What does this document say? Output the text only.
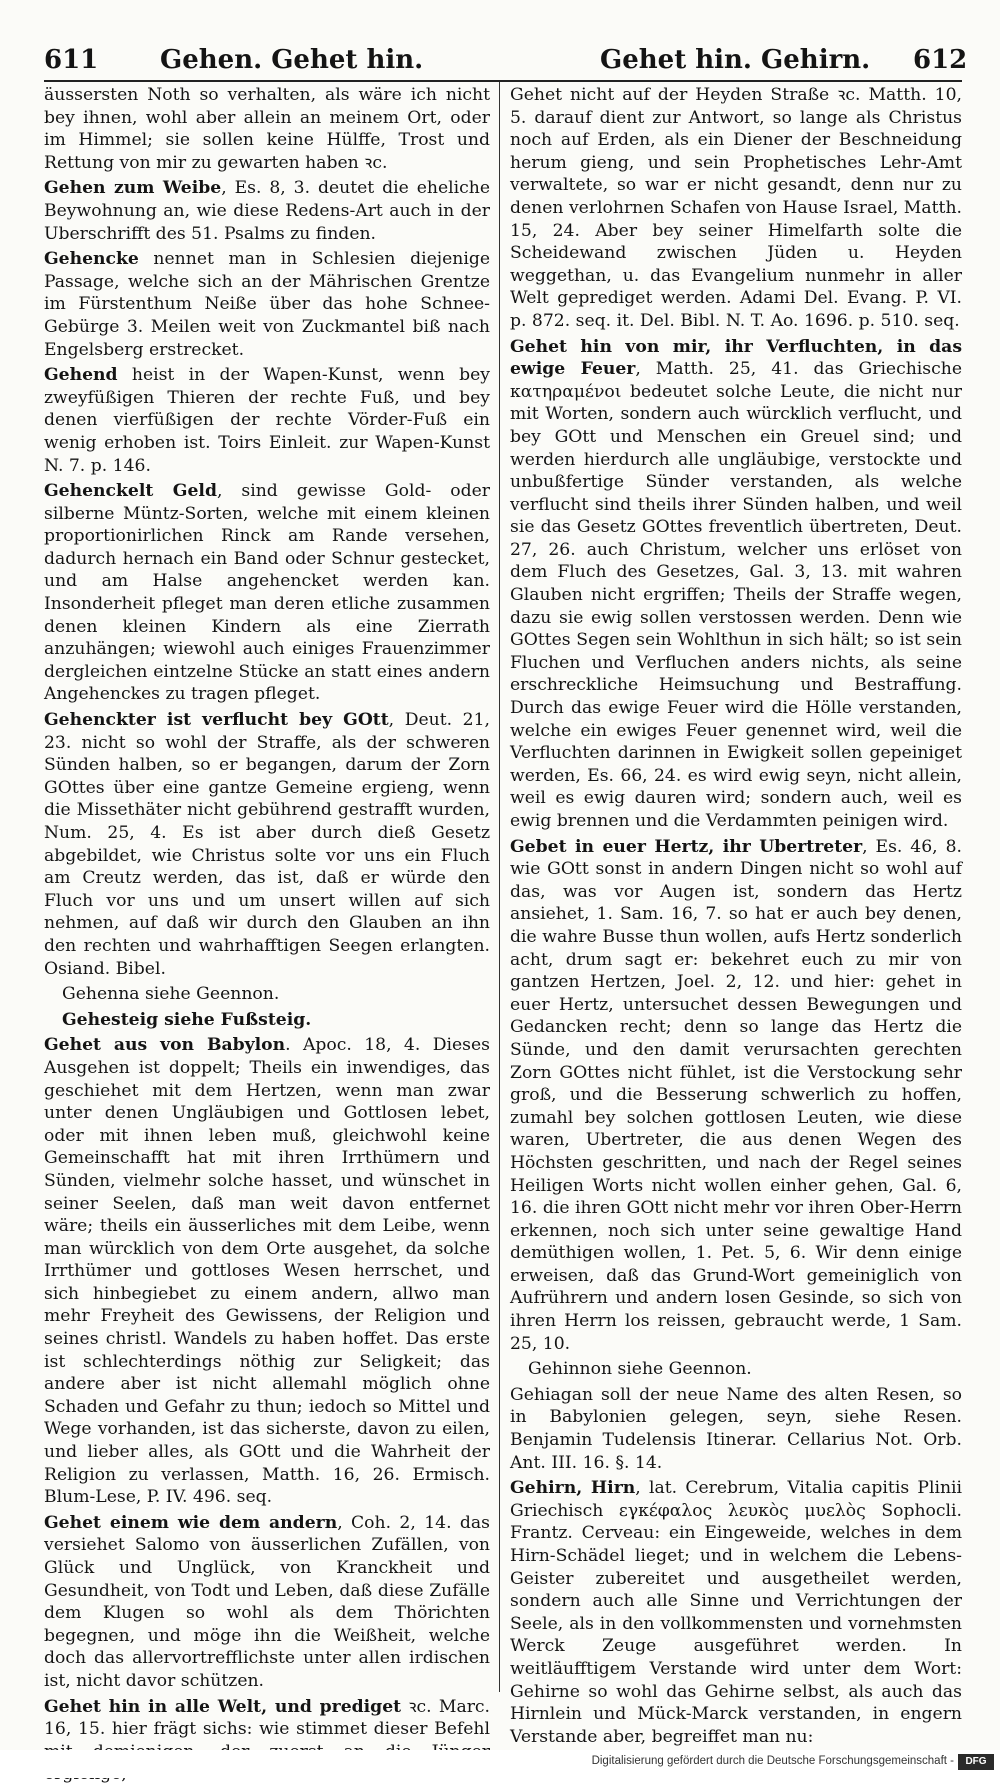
611 Gehen. Gehet hin.	Gehet hin. Gehirn. 612

äussersten Noth so verhalten, als wäre ich nicht bey ihnen, wohl aber allein an meinem Ort, oder im Himmel; sie sollen keine Hülffe, Trost und Rettung von mir zu gewarten haben ꝛc.

Gehen zum Weibe, Es. 8, 3. deutet die eheliche Beywohnung an, wie diese Redens-Art auch in der Uberschrifft des 51. Psalms zu finden.

Gehencke nennet man in Schlesien diejenige Passage, welche sich an der Mährischen Grentze im Fürstenthum Neiße über das hohe Schnee-Gebürge 3. Meilen weit von Zuckmantel biß nach Engelsberg erstrecket.

Gehend heist in der Wapen-Kunst, wenn bey zweyfüßigen Thieren der rechte Fuß, und bey denen vierfüßigen der rechte Vörder-Fuß ein wenig erhoben ist. Toirs Einleit. zur Wapen-Kunst N. 7. p. 146.

Gehenckelt Geld, sind gewisse Gold- oder silberne Müntz-Sorten, welche mit einem kleinen proportionirlichen Rinck am Rande versehen, dadurch hernach ein Band oder Schnur gestecket, und am Halse angehencket werden kan. Insonderheit pfleget man deren etliche zusammen denen kleinen Kindern als eine Zierrath anzuhängen; wiewohl auch einiges Frauenzimmer dergleichen eintzelne Stücke an statt eines andern Angehenckes zu tragen pfleget.

Gehenckter ist verflucht bey GOtt, Deut. 21, 23. nicht so wohl der Straffe, als der schweren Sünden halben, so er begangen, darum der Zorn GOttes über eine gantze Gemeine ergieng, wenn die Missethäter nicht gebührend gestrafft wurden, Num. 25, 4. Es ist aber durch dieß Gesetz abgebildet, wie Christus solte vor uns ein Fluch am Creutz werden, das ist, daß er würde den Fluch vor uns und um unsert willen auf sich nehmen, auf daß wir durch den Glauben an ihn den rechten und wahrhafftigen Seegen erlangten. Osiand. Bibel.

Gehenna siehe Geennon.

Gehesteig siehe Fußsteig.

Gehet aus von Babylon. Apoc. 18, 4. Dieses Ausgehen ist doppelt; Theils ein inwendiges, das geschiehet mit dem Hertzen, wenn man zwar unter denen Ungläubigen und Gottlosen lebet, oder mit ihnen leben muß, gleichwohl keine Gemeinschafft hat mit ihren Irrthümern und Sünden, vielmehr solche hasset, und wünschet in seiner Seelen, daß man weit davon entfernet wäre; theils ein äusserliches mit dem Leibe, wenn man würcklich von dem Orte ausgehet, da solche Irrthümer und gottloses Wesen herrschet, und sich hinbegiebet zu einem andern, allwo man mehr Freyheit des Gewissens, der Religion und seines christl. Wandels zu haben hoffet. Das erste ist schlechterdings nöthig zur Seligkeit; das andere aber ist nicht allemahl möglich ohne Schaden und Gefahr zu thun; iedoch so Mittel und Wege vorhanden, ist das sicherste, davon zu eilen, und lieber alles, als GOtt und die Wahrheit der Religion zu verlassen, Matth. 16, 26. Ermisch. Blum-Lese, P. IV. 496. seq.

Gehet einem wie dem andern, Coh. 2, 14. das versiehet Salomo von äusserlichen Zufällen, von Glück und Unglück, von Kranckheit und Gesundheit, von Todt und Leben, daß diese Zufälle dem Klugen so wohl als dem Thörichten begegnen, und möge ihn die Weißheit, welche doch das allervortrefflichste unter allen irdischen ist, nicht davor schützen.

Gehet hin in alle Welt, und prediget ꝛc. Marc. 16, 15. hier frägt sichs: wie stimmet dieser Befehl

Gehet nicht auf der Heyden Straße ꝛc. Matth. 10, 5. darauf dient zur Antwort, so lange als Christus noch auf Erden, als ein Diener der Beschneidung herum gieng, und sein Prophetisches Lehr-Amt verwaltete, so war er nicht gesandt, denn nur zu denen verlohrnen Schafen von Hause Israel, Matth. 15, 24. Aber bey seiner Himelfarth solte die Scheidewand zwischen Jüden u. Heyden weggethan, u. das Evangelium nunmehr in aller Welt geprediget werden. Adami Del. Evang. P. VI. p. 872. seq. it. Del. Bibl. N. T. Ao. 1696. p. 510. seq.

Gehet hin von mir, ihr Verfluchten, in das ewige Feuer, Matth. 25, 41. das Griechische κατηραμένοι bedeutet solche Leute, die nicht nur mit Worten, sondern auch würcklich verflucht, und bey GOtt und Menschen ein Greuel sind; und werden hierdurch alle ungläubige, verstockte und unbußfertige Sünder verstanden, als welche verflucht sind theils ihrer Sünden halben, und weil sie das Gesetz GOttes freventlich übertreten, Deut. 27, 26. auch Christum, welcher uns erlöset von dem Fluch des Gesetzes, Gal. 3, 13. mit wahren Glauben nicht ergriffen; Theils der Straffe wegen, dazu sie ewig sollen verstossen werden. Denn wie GOttes Segen sein Wohlthun in sich hält; so ist sein Fluchen und Verfluchen anders nichts, als seine erschreckliche Heimsuchung und Bestraffung. Durch das ewige Feuer wird die Hölle verstanden, welche ein ewiges Feuer genennet wird, weil die Verfluchten darinnen in Ewigkeit sollen gepeiniget werden, Es. 66, 24. es wird ewig seyn, nicht allein, weil es ewig dauren wird; sondern auch, weil es ewig brennen und die Verdammten peinigen wird.

Gebet in euer Hertz, ihr Ubertreter, Es. 46, 8. wie GOtt sonst in andern Dingen nicht so wohl auf das, was vor Augen ist, sondern das Hertz ansiehet, 1. Sam. 16, 7. so hat er auch bey denen, die wahre Busse thun wollen, aufs Hertz sonderlich acht, drum sagt er: bekehret euch zu mir von gantzen Hertzen, Joel. 2, 12. und hier: gehet in euer Hertz, untersuchet dessen Bewegungen und Gedancken recht; denn so lange das Hertz die Sünde, und den damit verursachten gerechten Zorn GOttes nicht fühlet, ist die Verstockung sehr groß, und die Besserung schwerlich zu hoffen, zumahl bey solchen gottlosen Leuten, wie diese waren, Ubertreter, die aus denen Wegen des Höchsten geschritten, und nach der Regel seines Heiligen Worts nicht wollen einher gehen, Gal. 6, 16. die ihren GOtt nicht mehr vor ihren Ober-Herrn erkennen, noch sich unter seine gewaltige Hand demüthigen wollen, 1. Pet. 5, 6. Wir denn einige erweisen, daß das Grund-Wort gemeiniglich von Aufrührern und andern losen Gesinde, so sich von ihren Herrn los reissen, gebraucht werde, 1 Sam. 25, 10.

Gehinnon siehe Geennon.

Gehiagan soll der neue Name des alten Resen, so in Babylonien gelegen, seyn, siehe Resen. Benjamin Tudelensis Itinerar. Cellarius Not. Orb. Ant. III. 16. §. 14.

Gehirn, Hirn, lat. Cerebrum, Vitalia capitis Plinii Griechisch εγκέφαλος λευκὸς μυελὸς Sophocli. Frantz. Cerveau: ein Eingeweide, welches in dem Hirn-Schädel lieget; und in welchem die Lebens-Geister zubereitet und ausgetheilet werden, sondern auch alle Sinne und Verrichtungen der Seele, als in den vollkommensten und vornehmsten Werck Zeuge ausgeführet werden. In weitläufftigem Verstande wird unter dem Wort: Gehirne so wohl das Gehirne selbst, als auch das Hirnlein und Mück-Marck verstanden, in engern Verstande aber, begreiffet man nu:

Digitalisierung gefördert durch die Deutsche Forschungsgemeinschaft -	DFG
